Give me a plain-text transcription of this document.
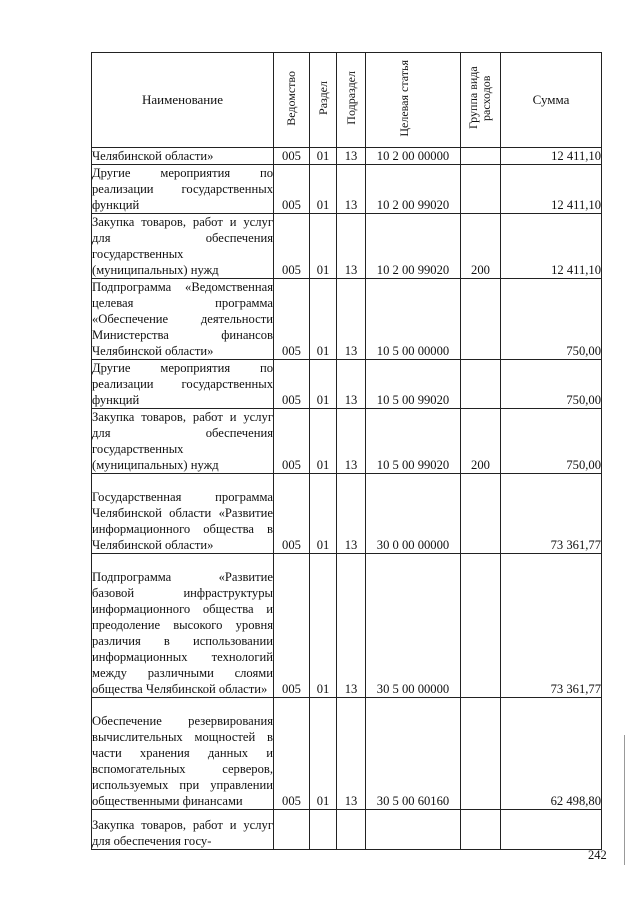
Наименование	Ведомство	Раздел	Подраздел	Целевая статья	Группа вида расходов	Сумма
Челябинской области»	005	01	13	10 2 00 00000		12 411,10
Другие мероприятия по реализации государственных функций	005	01	13	10 2 00 99020		12 411,10
Закупка товаров, работ и услуг для обеспечения государственных (муниципальных) нужд	005	01	13	10 2 00 99020	200	12 411,10
Подпрограмма «Ведомственная целевая программа «Обеспечение деятельности Министерства финансов Челябинской области»	005	01	13	10 5 00 00000		750,00
Другие мероприятия по реализации государственных функций	005	01	13	10 5 00 99020		750,00
Закупка товаров, работ и услуг для обеспечения государственных (муниципальных) нужд	005	01	13	10 5 00 99020	200	750,00
Государственная программа Челябинской области «Развитие информационного общества в Челябинской области»	005	01	13	30 0 00 00000		73 361,77
Подпрограмма «Развитие базовой инфраструктуры информационного общества и преодоление высокого уровня различия в использовании информационных технологий между различными слоями общества Челябинской области»	005	01	13	30 5 00 00000		73 361,77
Обеспечение резервирования вычислительных мощностей в части хранения данных и вспомогательных серверов, используемых при управлении общественными финансами	005	01	13	30 5 00 60160		62 498,80
Закупка товаров, работ и услуг для обеспечения госу-						
242
